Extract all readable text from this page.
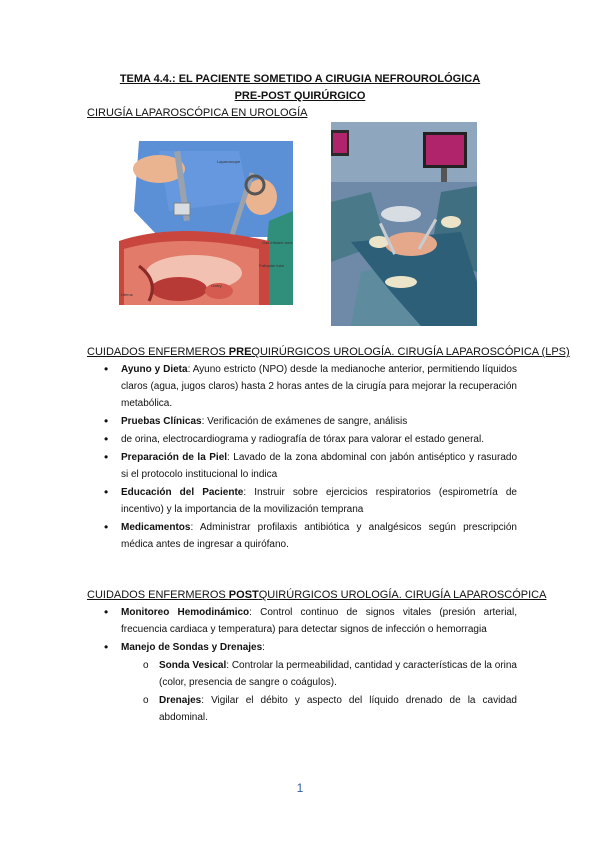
TEMA 4.4.: EL PACIENTE SOMETIDO A CIRUGIA NEFROUROLÓGICA
PRE-POST QUIRÚRGICO
CIRUGÍA LAPAROSCÓPICA EN UROLOGÍA
Laparoscope
Gas inflated area
Fallopian tube
Ovary
Uterus
CUIDADOS ENFERMEROS PREQUIRÚRGICOS UROLOGÍA. CIRUGÍA LAPAROSCÓPICA (LPS)
• Ayuno y Dieta: Ayuno estricto (NPO) desde la medianoche anterior, permitiendo líquidos claros (agua, jugos claros) hasta 2 horas antes de la cirugía para mejorar la recuperación metabólica.
• Pruebas Clínicas: Verificación de exámenes de sangre, análisis
• de orina, electrocardiograma y radiografía de tórax para valorar el estado general.
• Preparación de la Piel: Lavado de la zona abdominal con jabón antiséptico y rasurado si el protocolo institucional lo indica
• Educación del Paciente: Instruir sobre ejercicios respiratorios (espirometría de incentivo) y la importancia de la movilización temprana
• Medicamentos: Administrar profilaxis antibiótica y analgésicos según prescripción médica antes de ingresar a quirófano.
CUIDADOS ENFERMEROS POSTQUIRÚRGICOS UROLOGÍA. CIRUGÍA LAPAROSCÓPICA
• Monitoreo Hemodinámico: Control continuo de signos vitales (presión arterial, frecuencia cardiaca y temperatura) para detectar signos de infección o hemorragia
• Manejo de Sondas y Drenajes:
o Sonda Vesical: Controlar la permeabilidad, cantidad y características de la orina (color, presencia de sangre o coágulos).
o Drenajes: Vigilar el débito y aspecto del líquido drenado de la cavidad abdominal.
1
